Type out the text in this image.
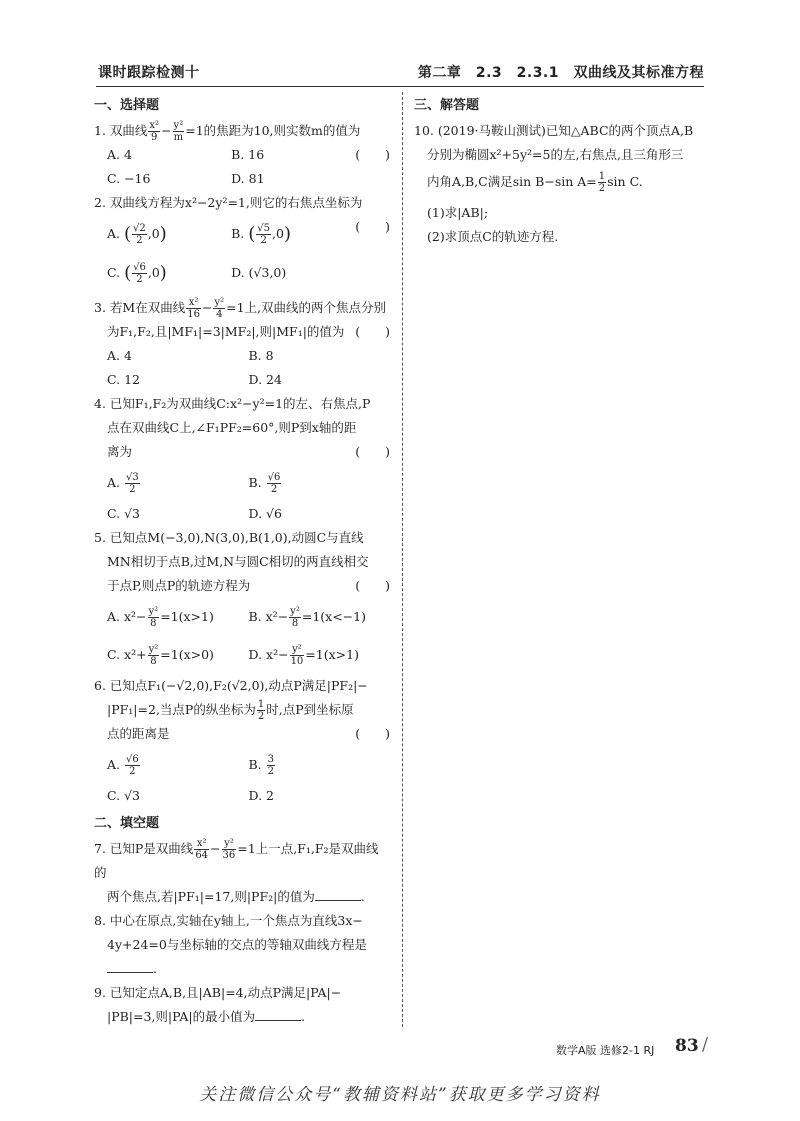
课时跟踪检测十	第二章　2.3　2.3.1　双曲线及其标准方程
一、选择题
1. 双曲线 $\frac{\text{x²}}{9} - \frac{\text{y²}}{m} =1$的焦距为10,则实数m的值为
(　　)
A. 4	B. 16
C. −16	D. 81
2. 双曲线方程为x²−2y²=1,则它的右焦点坐标为
(　　)
A. ( $\frac{√2}{2} ,0$)	B. ( $\frac{√5}{2} ,0$)
C. ( $\frac{√6}{2} ,0$)	D. (√3,0)
3. 若M在双曲线 $\frac{\text{x²}}{16} - \frac{\text{y²}}{4} =1$上,双曲线的两个焦点分别
为F₁,F₂,且|MF₁|=3|MF₂|,则|MF₁|的值为 (　　)
A. 4	B. 8
C. 12	D. 24
4. 已知F₁,F₂为双曲线C:x²−y²=1的左、右焦点,P
点在双曲线C上,∠F₁PF₂=60°,则P到x轴的距
离为	(　　)
A. $\frac{√3}{2}$	B. $\frac{√6}{2}$
C. √3	D. √6
5. 已知点M(−3,0),N(3,0),B(1,0),动圆C与直线
MN相切于点B,过M,N与圆C相切的两直线相交
于点P,则点P的轨迹方程为	(　　)
A. $x^2- \frac{\text{y²}}{8} =1(x>1)$	B. $x^2- \frac{\text{y²}}{8} =1(x<-1)$
C. $x^2+ \frac{\text{y²}}{8} =1(x>0)$	D. $x^2- \frac{\text{y²}}{10} =1(x>1)$
6. 已知点F₁(−√2,0),F₂(√2,0),动点P满足|PF₂|−
|PF₁|=2,当点P的纵坐标为 $\frac{1}{2}$ 时,点P到坐标原
点的距离是	(　　)
A. $\frac{√6}{2}$	B. $\frac{3}{2}$
C. √3	D. 2
二、填空题
7. 已知P是双曲线 $\frac{\text{x²}}{64} - \frac{\text{y²}}{36} =1$上一点,F₁,F₂是双曲线的
两个焦点,若|PF₁|=17,则|PF₂|的值为	.
8. 中心在原点,实轴在y轴上,一个焦点为直线3x−
4y+24=0与坐标轴的交点的等轴双曲线方程是
.
9. 已知定点A,B,且|AB|=4,动点P满足|PA|−
|PB|=3,则|PA|的最小值为	.
三、解答题
10. (2019·马鞍山测试)已知△ABC的两个顶点A,B
分别为椭圆x²+5y²=5的左,右焦点,且三角形三
内角A,B,C满足sin B−sin $A= \frac{1}{2}$ sin C.
(1)求|AB|;
(2)求顶点C的轨迹方程.
数学A版 选修2-1 RJ 83 /
关注微信公众号“教辅资料站”获取更多学习资料
